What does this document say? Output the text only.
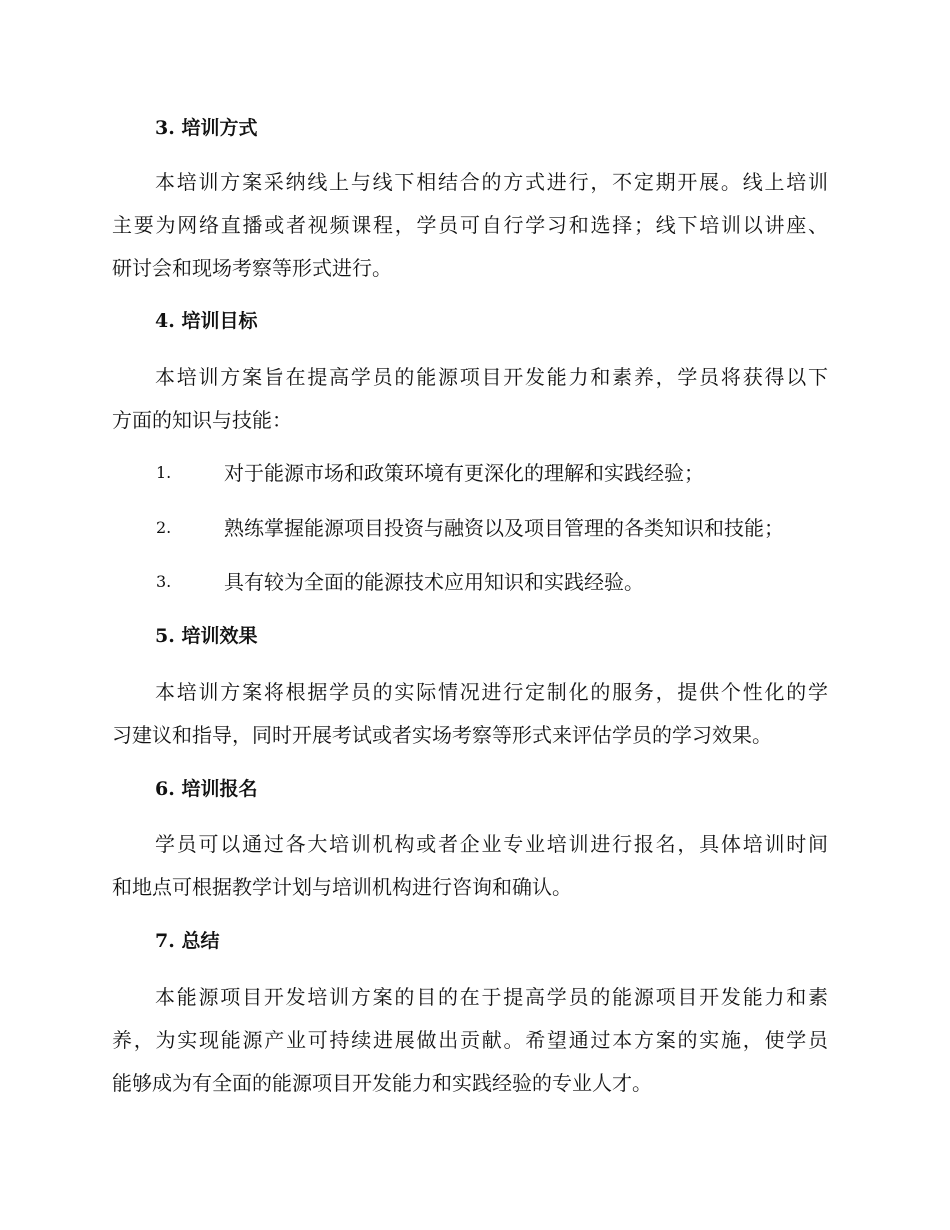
3. 培训方式
本培训方案采纳线上与线下相结合的方式进行，不定期开展。线上培训
主要为网络直播或者视频课程，学员可自行学习和选择；线下培训以讲座、
研讨会和现场考察等形式进行。
4. 培训目标
本培训方案旨在提高学员的能源项目开发能力和素养，学员将获得以下
方面的知识与技能：
1.	对于能源市场和政策环境有更深化的理解和实践经验；
2.	熟练掌握能源项目投资与融资以及项目管理的各类知识和技能；
3.	具有较为全面的能源技术应用知识和实践经验。
5. 培训效果
本培训方案将根据学员的实际情况进行定制化的服务，提供个性化的学
习建议和指导，同时开展考试或者实场考察等形式来评估学员的学习效果。
6. 培训报名
学员可以通过各大培训机构或者企业专业培训进行报名，具体培训时间
和地点可根据教学计划与培训机构进行咨询和确认。
7. 总结
本能源项目开发培训方案的目的在于提高学员的能源项目开发能力和素
养，为实现能源产业可持续进展做出贡献。希望通过本方案的实施，使学员
能够成为有全面的能源项目开发能力和实践经验的专业人才。
